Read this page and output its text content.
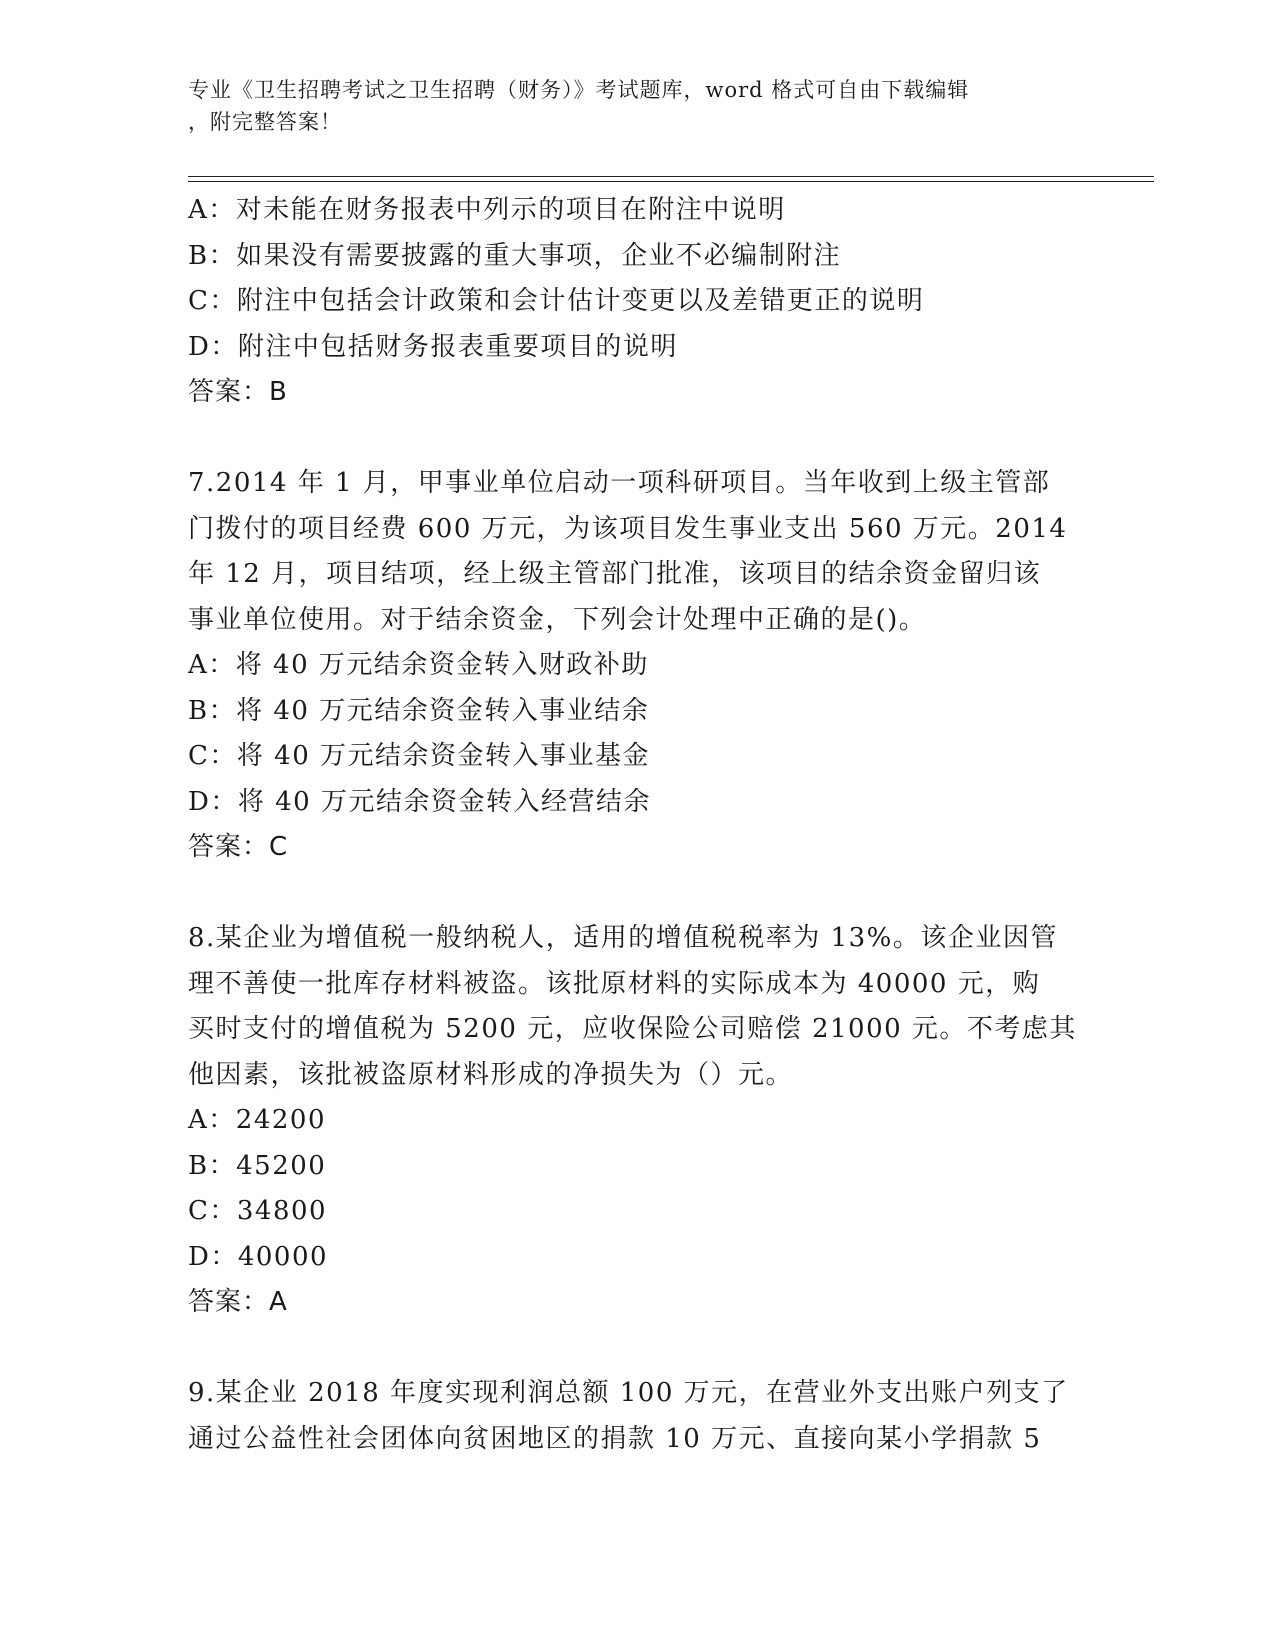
专业《卫生招聘考试之卫生招聘（财务）》考试题库，word 格式可自由下载编辑
，附完整答案！
A：对未能在财务报表中列示的项目在附注中说明
B：如果没有需要披露的重大事项，企业不必编制附注
C：附注中包括会计政策和会计估计变更以及差错更正的说明
D：附注中包括财务报表重要项目的说明
答案：B
7.2014 年 1 月，甲事业单位启动一项科研项目。当年收到上级主管部
门拨付的项目经费 600 万元，为该项目发生事业支出 560 万元。2014
年 12 月，项目结项，经上级主管部门批准，该项目的结余资金留归该
事业单位使用。对于结余资金，下列会计处理中正确的是()。
A：将 40 万元结余资金转入财政补助
B：将 40 万元结余资金转入事业结余
C：将 40 万元结余资金转入事业基金
D：将 40 万元结余资金转入经营结余
答案：C
8.某企业为增值税一般纳税人，适用的增值税税率为 13%。该企业因管
理不善使一批库存材料被盗。该批原材料的实际成本为 40000 元，购
买时支付的增值税为 5200 元，应收保险公司赔偿 21000 元。不考虑其
他因素，该批被盗原材料形成的净损失为（）元。
A：24200
B：45200
C：34800
D：40000
答案：A
9.某企业 2018 年度实现利润总额 100 万元，在营业外支出账户列支了
通过公益性社会团体向贫困地区的捐款 10 万元、直接向某小学捐款 5
